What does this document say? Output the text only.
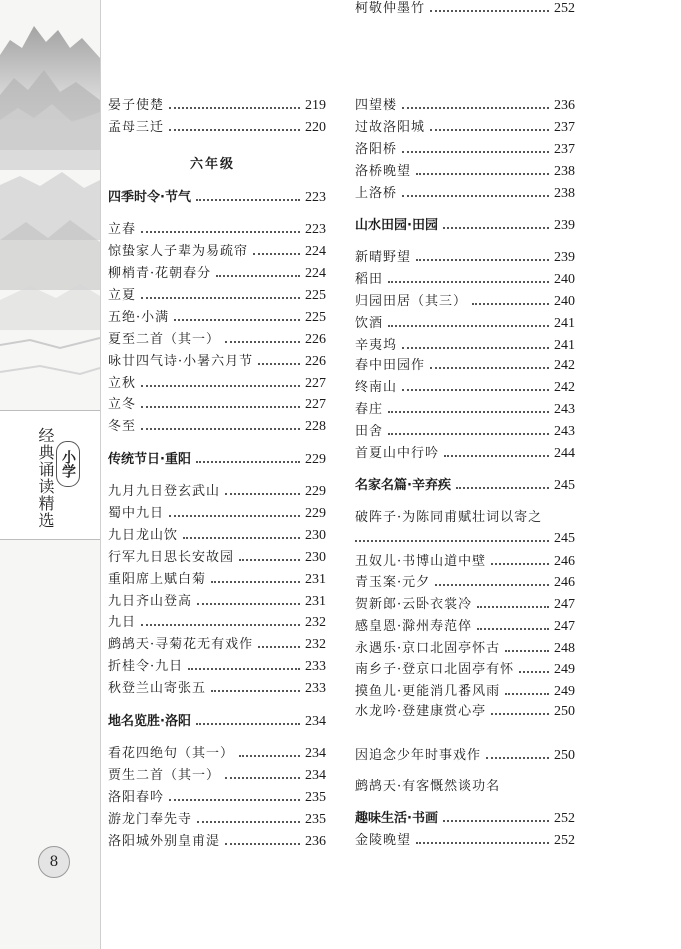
经典诵读精选 小学
8
六年级
晏子使楚	219
孟母三迁	220
四季时令·节气	223
立春	223
惊蛰家人子辈为易疏帘	224
柳梢青·花朝春分	224
立夏	225
五绝·小满	225
夏至二首（其一）	226
咏廿四气诗·小暑六月节	226
立秋	227
立冬	227
冬至	228
传统节日·重阳	229
九月九日登玄武山	229
蜀中九日	229
九日龙山饮	230
行军九日思长安故园	230
重阳席上赋白菊	231
九日齐山登高	231
九日	232
鹧鸪天·寻菊花无有戏作	232
折桂令·九日	233
秋登兰山寄张五	233
地名览胜·洛阳	234
看花四绝句（其一）	234
贾生二首（其一）	234
洛阳春吟	235
游龙门奉先寺	235
洛阳城外别皇甫湜	236
四望楼	236
过故洛阳城	237
洛阳桥	237
洛桥晚望	238
上洛桥	238
山水田园·田园	239
新晴野望	239
稻田	240
归园田居（其三）	240
饮酒	241
辛夷坞	241
春中田园作	242
终南山	242
春庄	243
田舍	243
首夏山中行吟	244
名家名篇·辛弃疾	245
破阵子·为陈同甫赋壮词以寄之
245
丑奴儿·书博山道中壁	246
青玉案·元夕	246
贺新郎·云卧衣裳冷	247
感皇恩·滁州寿范倅	247
永遇乐·京口北固亭怀古	248
南乡子·登京口北固亭有怀	249
摸鱼儿·更能消几番风雨	249
水龙吟·登建康赏心亭	250
鹧鸪天·有客慨然谈功名
因追念少年时事戏作	250
趣味生活·书画	252
金陵晚望	252
柯敬仲墨竹	252
